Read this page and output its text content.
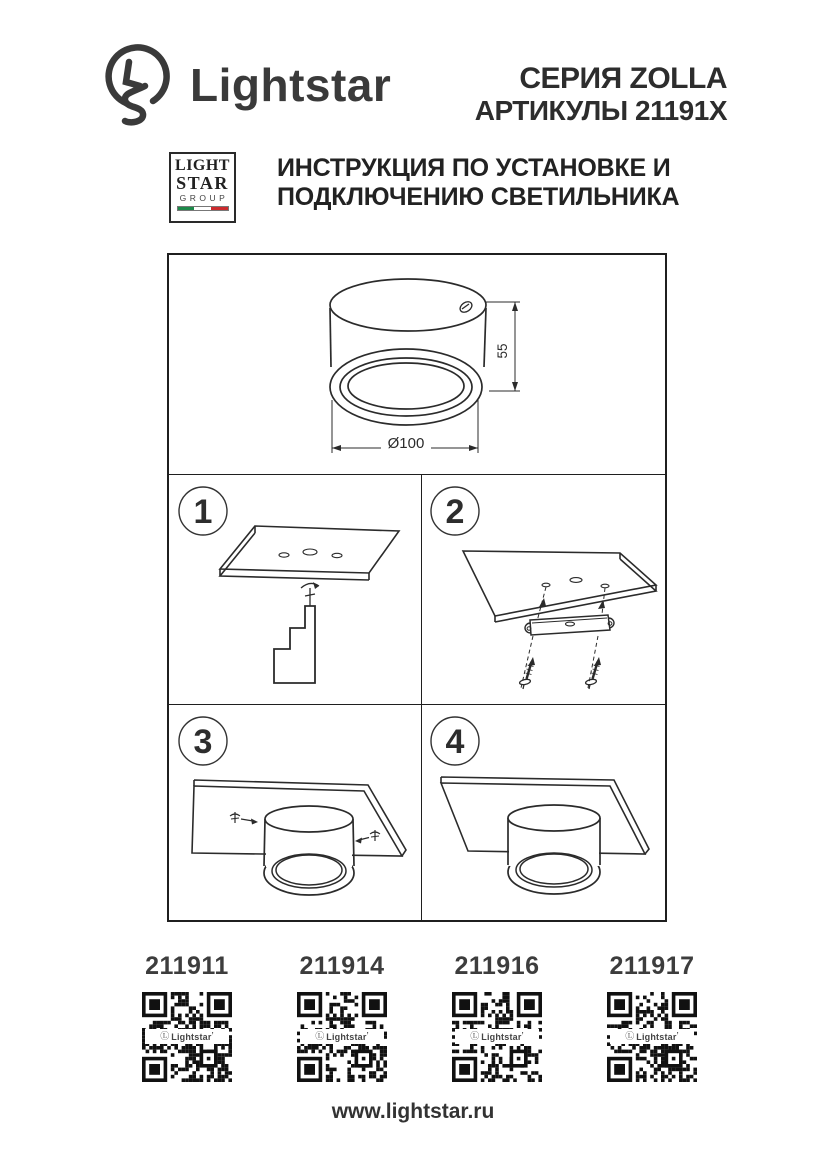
Lightstar	СЕРИЯ ZOLLA
АРТИКУЛЫ 21191X
LIGHT
STAR
GROUP
ИНСТРУКЦИЯ ПО УСТАНОВКЕ И
ПОДКЛЮЧЕНИЮ СВЕТИЛЬНИКА
55
Ø100
1	2
3	4
211911
Ⓛ Lightstar ’
211914
Ⓛ Lightstar ’
211916
Ⓛ Lightstar ’
211917
Ⓛ Lightstar ’
www.lightstar.ru
